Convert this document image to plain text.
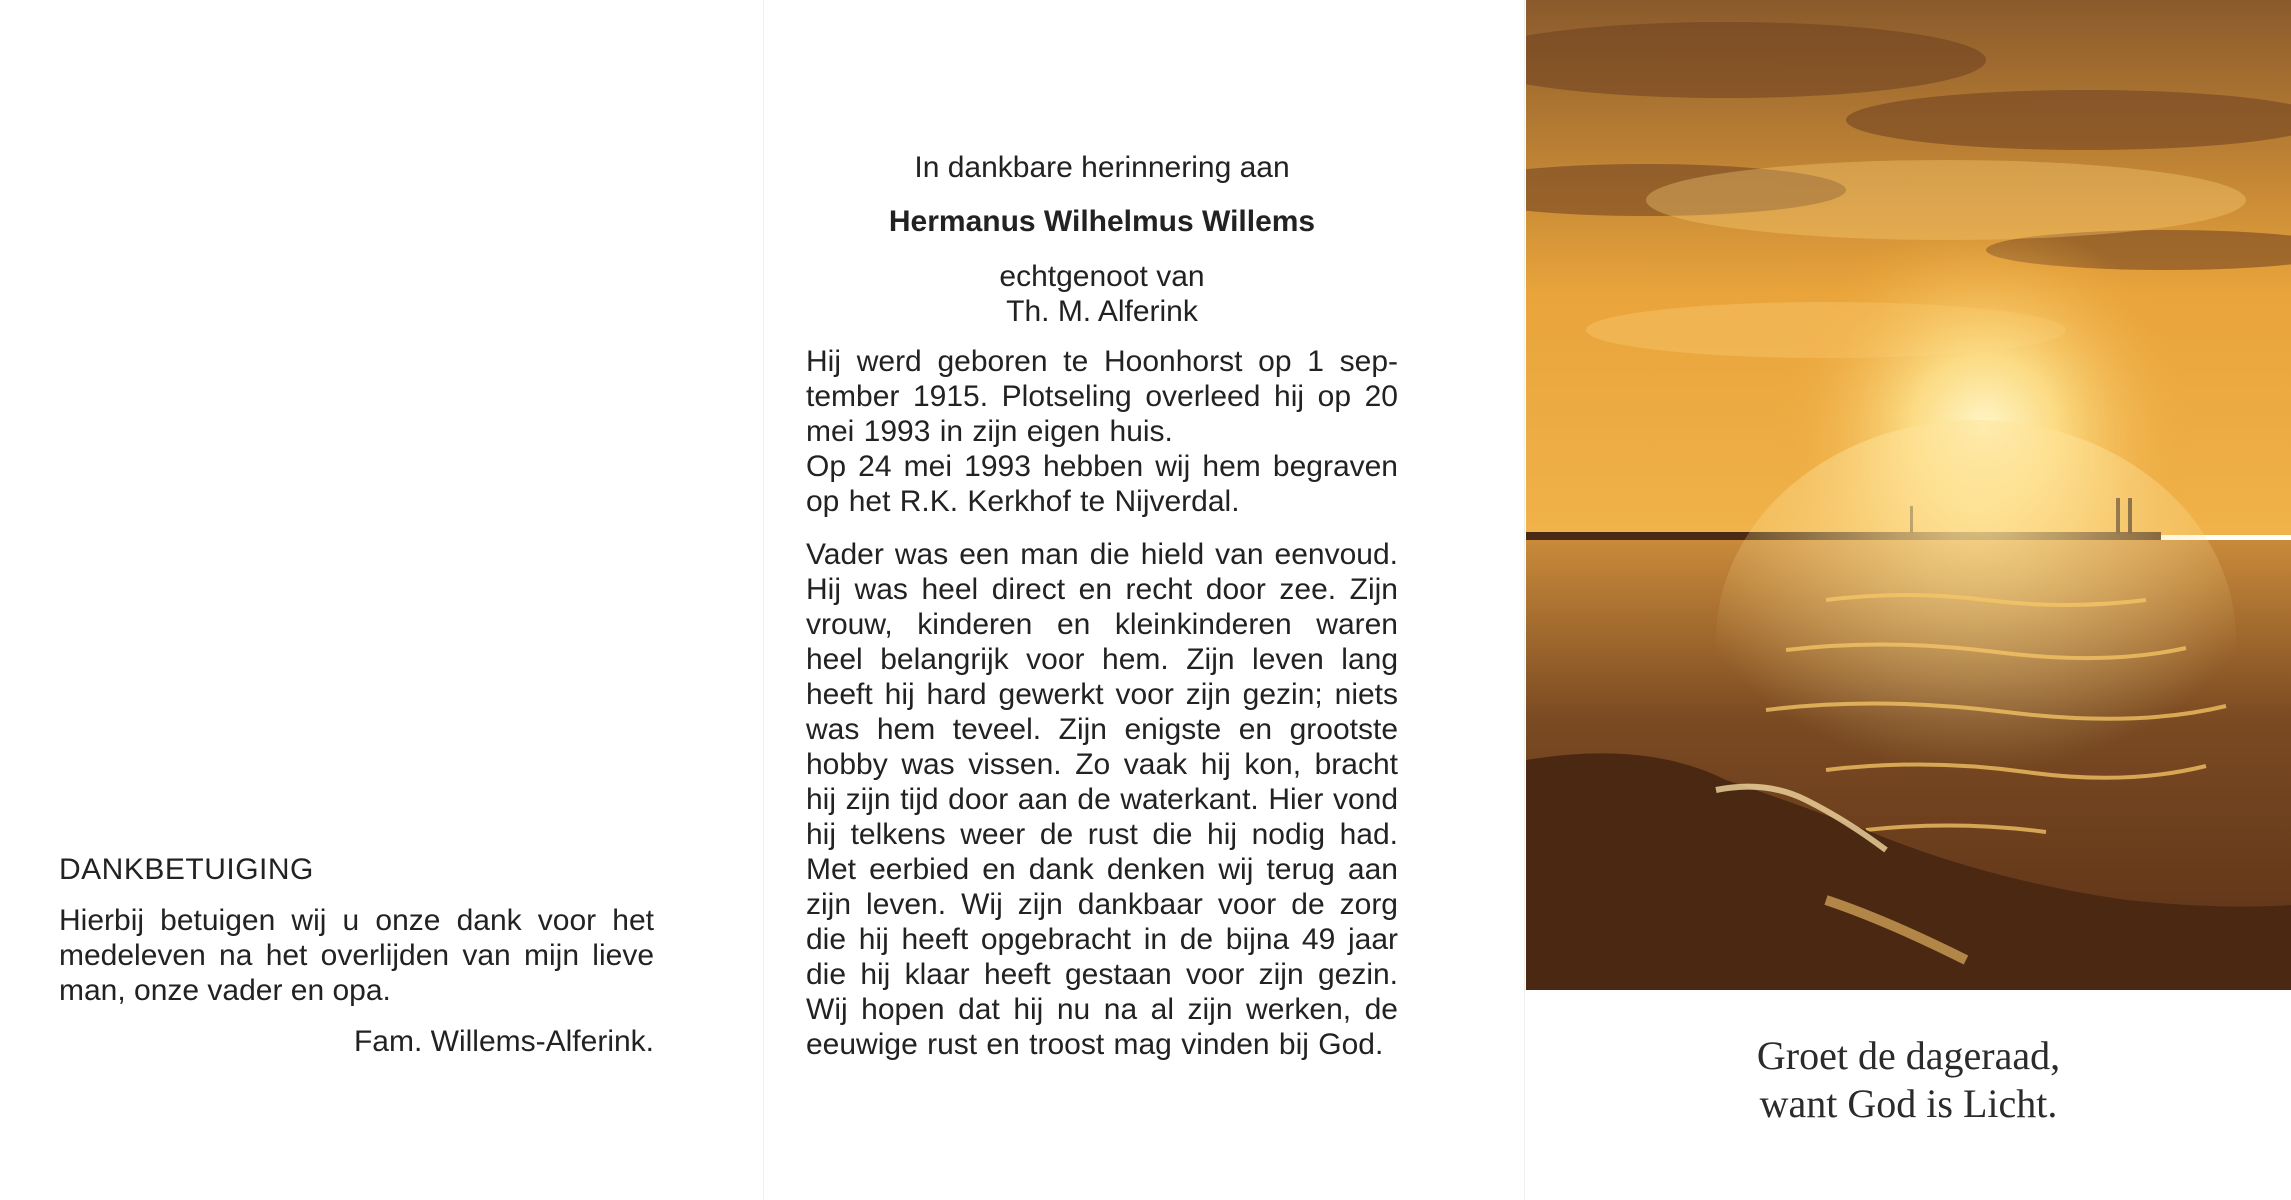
DANKBETUIGING

Hierbij betuigen wij u onze dank voor het medeleven na het overlijden van mijn lieve man, onze vader en opa.

Fam. Willems-Alferink.

In dankbare herinnering aan

Hermanus Wilhelmus Willems

echtgenoot van

Th. M. Alferink

Hij werd geboren te Hoonhorst op 1 sep-tember 1915. Plotseling overleed hij op 20 mei 1993 in zijn eigen huis.
Op 24 mei 1993 hebben wij hem begraven op het R.K. Kerkhof te Nijverdal.

Vader was een man die hield van eenvoud. Hij was heel direct en recht door zee. Zijn vrouw, kinderen en kleinkinderen waren heel belangrijk voor hem. Zijn leven lang heeft hij hard gewerkt voor zijn gezin; niets was hem teveel. Zijn enigste en grootste hobby was vissen. Zo vaak hij kon, bracht hij zijn tijd door aan de waterkant. Hier vond hij telkens weer de rust die hij nodig had. Met eerbied en dank denken wij terug aan zijn leven. Wij zijn dankbaar voor de zorg die hij heeft opgebracht in de bijna 49 jaar die hij klaar heeft gestaan voor zijn gezin. Wij hopen dat hij nu na al zijn werken, de eeuwige rust en troost mag vinden bij God.	Groet de dageraad,
want God is Licht.
